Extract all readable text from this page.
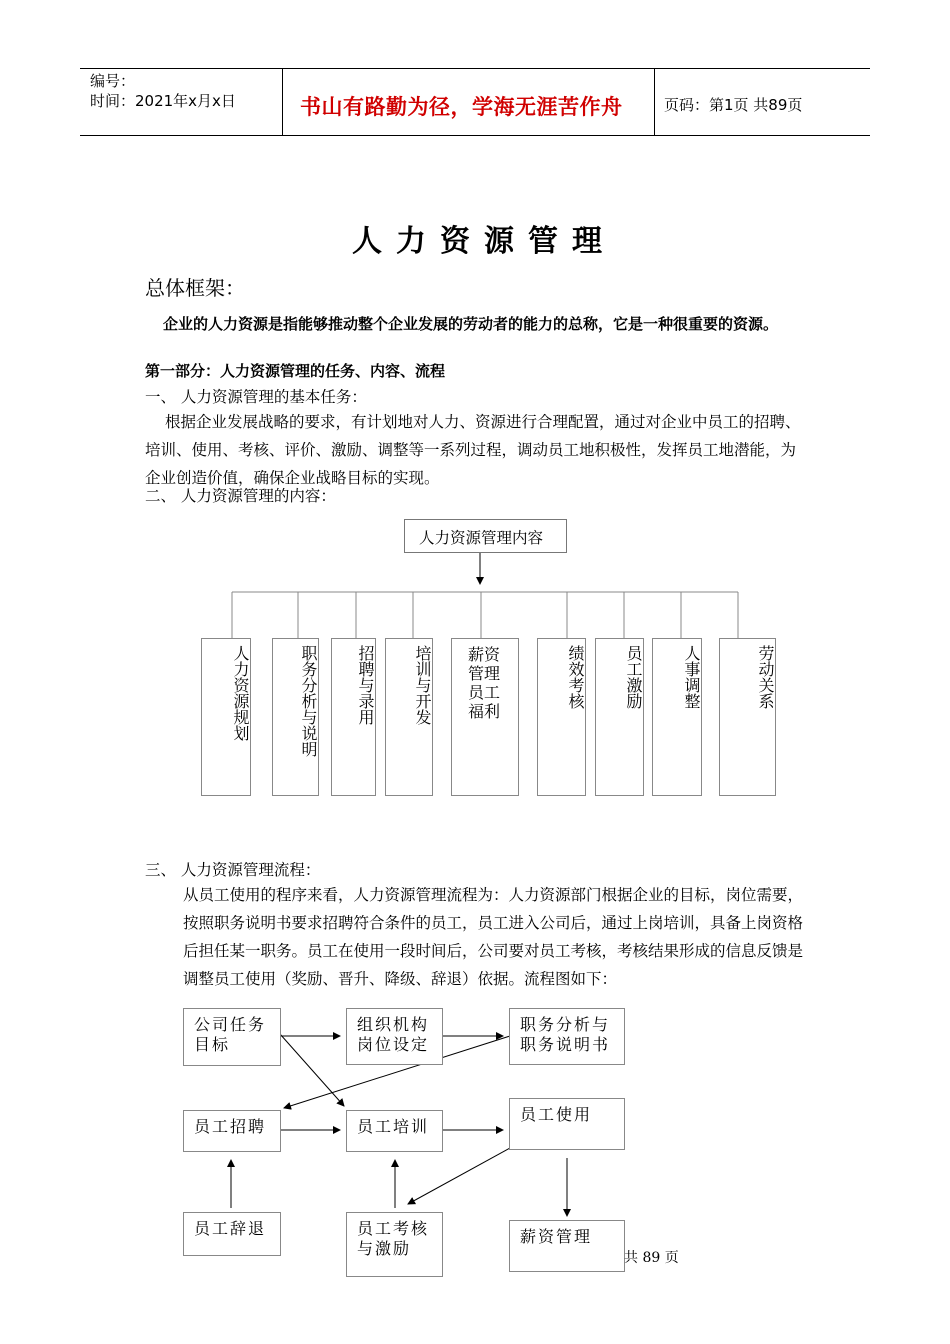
编号：
时间：2021年x月x日	书山有路勤为径，学海无涯苦作舟	页码：第1页 共89页
人力资源管理
总体框架：
企业的人力资源是指能够推动整个企业发展的劳动者的能力的总称，它是一种很重要的资源。
第一部分：人力资源管理的任务、内容、流程
一、 人力资源管理的基本任务：
根据企业发展战略的要求，有计划地对人力、资源进行合理配置，通过对企业中员工的招聘、培训、使用、考核、评价、激励、调整等一系列过程，调动员工地积极性，发挥员工地潜能，为企业创造价值，确保企业战略目标的实现。
二、 人力资源管理的内容：
人力资源管理内容
人力资源规划	职务分析与说明 招聘与录用 培训与开发 薪资管理员工福利
绩效考核 员工激励 人事调整	劳动关系
三、 人力资源管理流程：
从员工使用的程序来看，人力资源管理流程为：人力资源部门根据企业的目标，岗位需要，按照职务说明书要求招聘符合条件的员工，员工进入公司后，通过上岗培训，具备上岗资格后担任某一职务。员工在使用一段时间后，公司要对员工考核，考核结果形成的信息反馈是调整员工使用（奖励、晋升、降级、辞退）依据。流程图如下：
公司任务目标
组织机构岗位设定
职务分析与职务说明书
员工招聘	员工培训
员工使用
员工辞退	员工考核与激励
薪资管理
共 89 页
